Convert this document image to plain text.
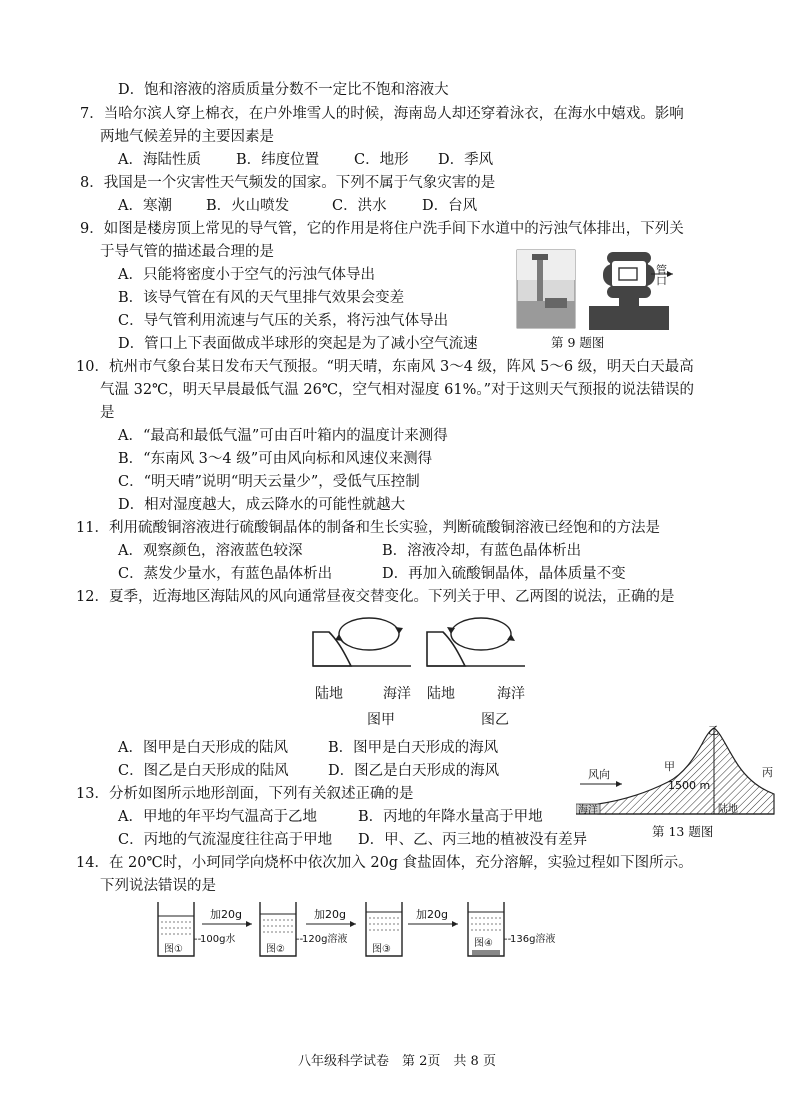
D．饱和溶液的溶质质量分数不一定比不饱和溶液大
7．当哈尔滨人穿上棉衣，在户外堆雪人的时候，海南岛人却还穿着泳衣，在海水中嬉戏。影响
两地气候差异的主要因素是
A．海陆性质 B．纬度位置 C．地形 D．季风
8．我国是一个灾害性天气频发的国家。下列不属于气象灾害的是
A．寒潮 B．火山喷发	C．洪水 D．台风
9．如图是楼房顶上常见的导气管，它的作用是将住户洗手间下水道中的污浊气体排出，下列关
于导气管的描述最合理的是
A．只能将密度小于空气的污浊气体导出
B．该导气管在有风的天气里排气效果会变差
C．导气管利用流速与气压的关系，将污浊气体导出
D．管口上下表面做成半球形的突起是为了减小空气流速
管口
第 9 题图
10．杭州市气象台某日发布天气预报。“明天晴，东南风 3～4 级，阵风 5～6 级，明天白天最高
气温 32℃，明天早晨最低气温 26℃，空气相对湿度 61%。”对于这则天气预报的说法错误的
是
A．“最高和最低气温”可由百叶箱内的温度计来测得
B．“东南风 3～4 级”可由风向标和风速仪来测得
C．“明天晴”说明“明天云量少”，受低气压控制
D．相对湿度越大，成云降水的可能性就越大
11．利用硫酸铜溶液进行硫酸铜晶体的制备和生长实验，判断硫酸铜溶液已经饱和的方法是
A．观察颜色，溶液蓝色较深	B．溶液冷却，有蓝色晶体析出
C．蒸发少量水，有蓝色晶体析出	D．再加入硫酸铜晶体，晶体质量不变
12．夏季，近海地区海陆风的风向通常昼夜交替变化。下列关于甲、乙两图的说法，正确的是
陆地	海洋 陆地	海洋
图甲	图乙
A．图甲是白天形成的陆风	B．图甲是白天形成的海风
C．图乙是白天形成的陆风	D．图乙是白天形成的海风	风向
甲
乙
丙
1500 m
海洋	陆地
13．分析如图所示地形剖面，下列有关叙述正确的是
A．甲地的年平均气温高于乙地	B．丙地的年降水量高于甲地
C．丙地的气流湿度往往高于甲地 D．甲、乙、丙三地的植被没有差异
第 13 题图
14．在 20℃时，小珂同学向烧杯中依次加入 20g 食盐固体，充分溶解，实验过程如下图所示。
下列说法错误的是
图①
100g水
--
加20g
图②
--
120g溶液
加20g
图③
加20g
图④ --
136g溶液
八年级科学试卷　第 2页　共 8 页
